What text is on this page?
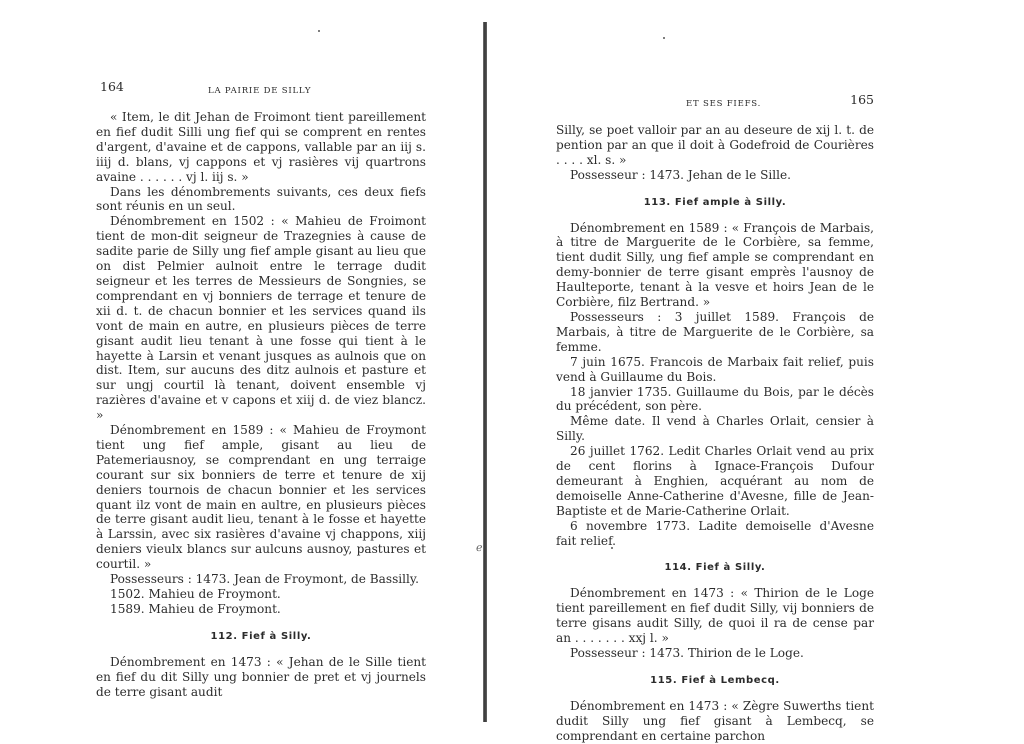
ℯ
164	LA PAIRIE DE SILLY

« Item, le dit Jehan de Froimont tient pareillement en fief dudit Silli ung fief qui se comprent en rentes d'argent, d'avaine et de cappons, vallable par an iij s. iiij d. blans, vj cappons et vj rasières vij quartrons avaine . . . . . . vj l. iij s. »

Dans les dénombrements suivants, ces deux fiefs sont réunis en un seul.

Dénombrement en 1502 : « Mahieu de Froimont tient de mon-dit seigneur de Trazegnies à cause de sadite parie de Silly ung fief ample gisant au lieu que on dist Pelmier aulnoit entre le terrage dudit seigneur et les terres de Messieurs de Songnies, se comprendant en vj bonniers de terrage et tenure de xii d. t. de chacun bonnier et les services quand ils vont de main en autre, en plusieurs pièces de terre gisant audit lieu tenant à une fosse qui tient à le hayette à Larsin et venant jusques as aulnois que on dist. Item, sur aucuns des ditz aulnois et pasture et sur ungj courtil là tenant, doivent ensemble vj razières d'avaine et v capons et xiij d. de viez blancz. »

Dénombrement en 1589 : « Mahieu de Froymont tient ung fief ample, gisant au lieu de Patemeriausnoy, se comprendant en ung terraige courant sur six bonniers de terre et tenure de xij deniers tournois de chacun bonnier et les services quant ilz vont de main en aultre, en plusieurs pièces de terre gisant audit lieu, tenant à le fosse et hayette à Larssin, avec six rasières d'avaine vj chappons, xiij deniers vieulx blancs sur aulcuns ausnoy, pastures et courtil. »

Possesseurs : 1473. Jean de Froymont, de Bassilly.

1502. Mahieu de Froymont.

1589. Mahieu de Froymont.

112. Fief à Silly.

Dénombrement en 1473 : « Jehan de le Sille tient en fief du dit Silly ung bonnier de pret et vj journels de terre gisant audit

ET SES FIEFS.	165

Silly, se poet valloir par an au deseure de xij l. t. de pention par an que il doit à Godefroid de Courières . . . . xl. s. »

Possesseur : 1473. Jehan de le Sille.

113. Fief ample à Silly.

Dénombrement en 1589 : « François de Marbais, à titre de Marguerite de le Corbière, sa femme, tient dudit Silly, ung fief ample se comprendant en demy-bonnier de terre gisant emprès l'ausnoy de Haulteporte, tenant à la vesve et hoirs Jean de le Corbière, filz Bertrand. »

Possesseurs : 3 juillet 1589. François de Marbais, à titre de Marguerite de le Corbière, sa femme.

7 juin 1675. Francois de Marbaix fait relief, puis vend à Guillaume du Bois.

18 janvier 1735. Guillaume du Bois, par le décès du précédent, son père.

Même date. Il vend à Charles Orlait, censier à Silly.

26 juillet 1762. Ledit Charles Orlait vend au prix de cent florins à Ignace-François Dufour demeurant à Enghien, acquérant au nom de demoiselle Anne-Catherine d'Avesne, fille de Jean-Baptiste et de Marie-Catherine Orlait.

6 novembre 1773. Ladite demoiselle d'Avesne fait relief.

114. Fief à Silly.

Dénombrement en 1473 : « Thirion de le Loge tient pareillement en fief dudit Silly, vij bonniers de terre gisans audit Silly, de quoi il ra de cense par an . . . . . . . xxj l. »

Possesseur : 1473. Thirion de le Loge.

115. Fief à Lembecq.

Dénombrement en 1473 : « Zègre Suwerths tient dudit Silly ung fief gisant à Lembecq, se comprendant en certaine parchon
